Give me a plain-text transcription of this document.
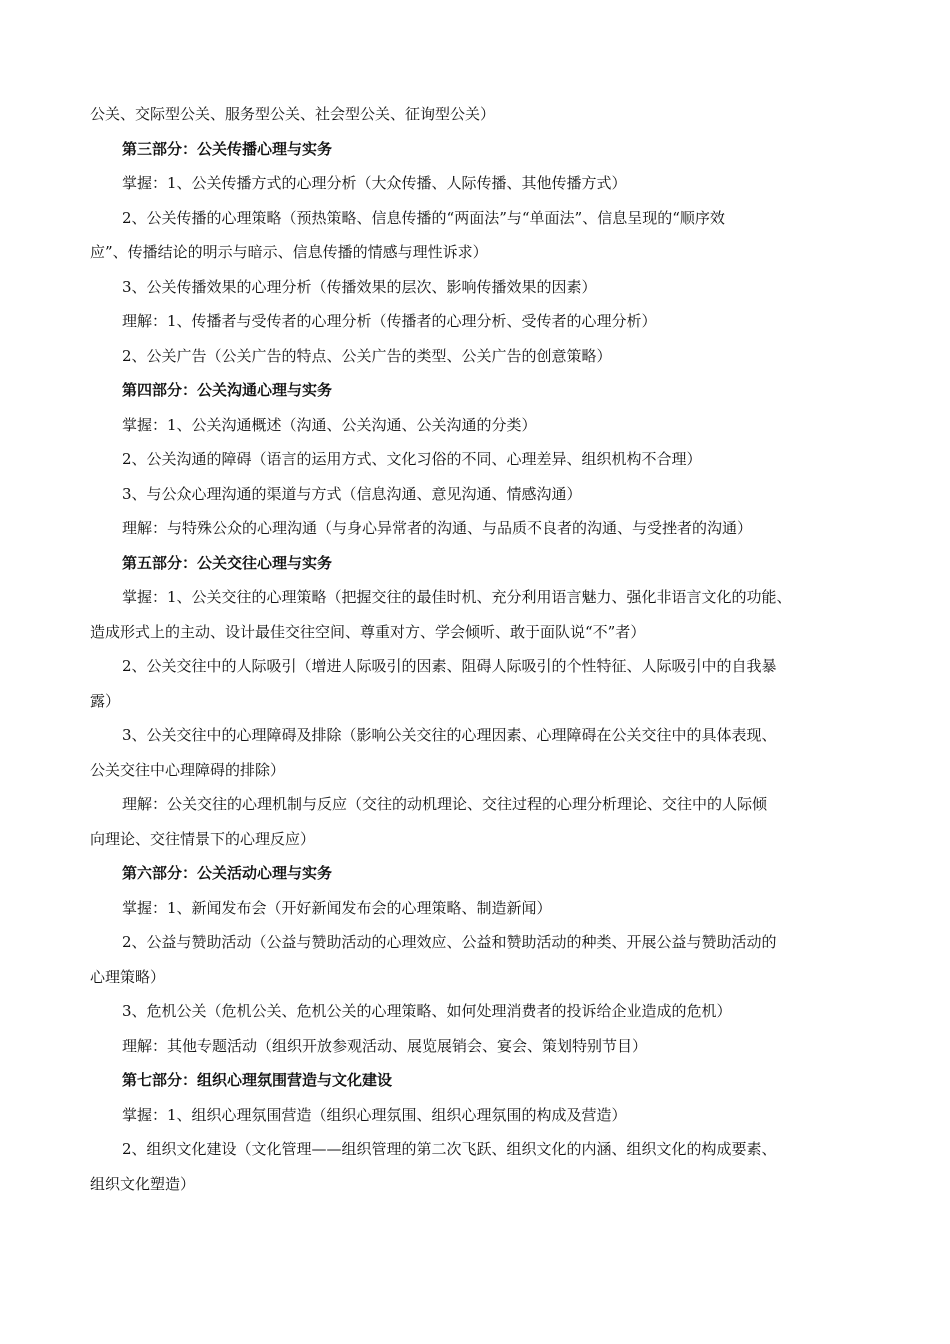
公关、交际型公关、服务型公关、社会型公关、征询型公关）
第三部分：公关传播心理与实务
掌握：1、公关传播方式的心理分析（大众传播、人际传播、其他传播方式）
2、公关传播的心理策略（预热策略、信息传播的“两面法”与“单面法”、信息呈现的“顺序效
应”、传播结论的明示与暗示、信息传播的情感与理性诉求）
3、公关传播效果的心理分析（传播效果的层次、影响传播效果的因素）
理解：1、传播者与受传者的心理分析（传播者的心理分析、受传者的心理分析）
2、公关广告（公关广告的特点、公关广告的类型、公关广告的创意策略）
第四部分：公关沟通心理与实务
掌握：1、公关沟通概述（沟通、公关沟通、公关沟通的分类）
2、公关沟通的障碍（语言的运用方式、文化习俗的不同、心理差异、组织机构不合理）
3、与公众心理沟通的渠道与方式（信息沟通、意见沟通、情感沟通）
理解：与特殊公众的心理沟通（与身心异常者的沟通、与品质不良者的沟通、与受挫者的沟通）
第五部分：公关交往心理与实务
掌握：1、公关交往的心理策略（把握交往的最佳时机、充分利用语言魅力、强化非语言文化的功能、
造成形式上的主动、设计最佳交往空间、尊重对方、学会倾听、敢于面队说“不”者）
2、公关交往中的人际吸引（增进人际吸引的因素、阻碍人际吸引的个性特征、人际吸引中的自我暴
露）
3、公关交往中的心理障碍及排除（影响公关交往的心理因素、心理障碍在公关交往中的具体表现、
公关交往中心理障碍的排除）
理解：公关交往的心理机制与反应（交往的动机理论、交往过程的心理分析理论、交往中的人际倾
向理论、交往情景下的心理反应）
第六部分：公关活动心理与实务
掌握：1、新闻发布会（开好新闻发布会的心理策略、制造新闻）
2、公益与赞助活动（公益与赞助活动的心理效应、公益和赞助活动的种类、开展公益与赞助活动的
心理策略）
3、危机公关（危机公关、危机公关的心理策略、如何处理消费者的投诉给企业造成的危机）
理解：其他专题活动（组织开放参观活动、展览展销会、宴会、策划特别节目）
第七部分：组织心理氛围营造与文化建设
掌握：1、组织心理氛围营造（组织心理氛围、组织心理氛围的构成及营造）
2、组织文化建设（文化管理——组织管理的第二次飞跃、组织文化的内涵、组织文化的构成要素、
组织文化塑造）
